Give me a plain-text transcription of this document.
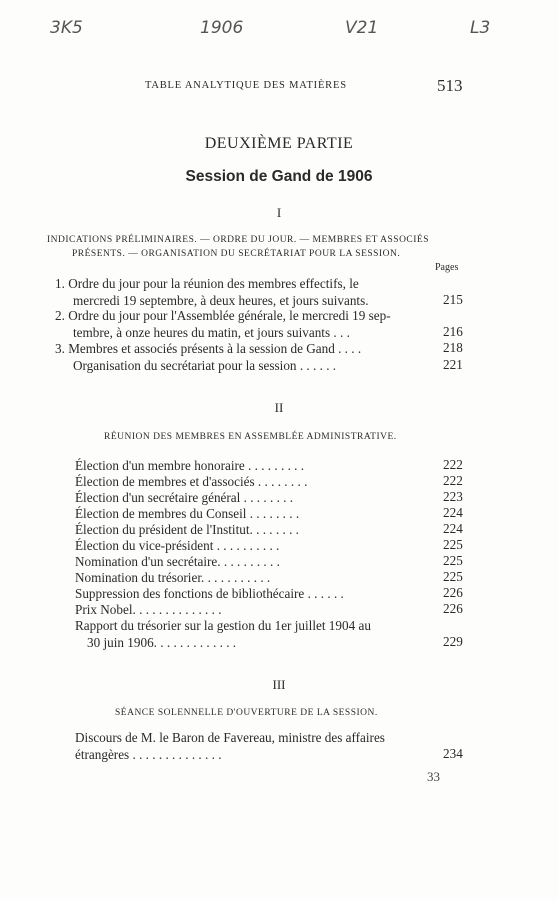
3K5	1906	V21	L3
TABLE ANALYTIQUE DES MATIÈRES	513
DEUXIÈME PARTIE
Session de Gand de 1906
I
INDICATIONS PRÉLIMINAIRES. — ORDRE DU JOUR. — MEMBRES ET ASSOCIÉS
PRÉSENTS. — ORGANISATION DU SECRÉTARIAT POUR LA SESSION.
Pages
1. Ordre du jour pour la réunion des membres effectifs, le
mercredi 19 septembre, à deux heures, et jours suivants.	215
2. Ordre du jour pour l'Assemblée générale, le mercredi 19 sep-
tembre, à onze heures du matin, et jours suivants . . .	216
3. Membres et associés présents à la session de Gand . . . .	218
Organisation du secrétariat pour la session . . . . . .	221
II
RÉUNION DES MEMBRES EN ASSEMBLÉE ADMINISTRATIVE.
Élection d'un membre honoraire . . . . . . . . .	222
Élection de membres et d'associés . . . . . . . .	222
Élection d'un secrétaire général . . . . . . . .	223
Élection de membres du Conseil . . . . . . . .	224
Élection du président de l'Institut. . . . . . . .	224
Élection du vice-président . . . . . . . . . .	225
Nomination d'un secrétaire. . . . . . . . . .	225
Nomination du trésorier. . . . . . . . . . .	225
Suppression des fonctions de bibliothécaire . . . . . .	226
Prix Nobel. . . . . . . . . . . . . .	226
Rapport du trésorier sur la gestion du 1er juillet 1904 au
30 juin 1906. . . . . . . . . . . . .	229
III
SÉANCE SOLENNELLE D'OUVERTURE DE LA SESSION.
Discours de M. le Baron de Favereau, ministre des affaires
étrangères . . . . . . . . . . . . . .	234
33
